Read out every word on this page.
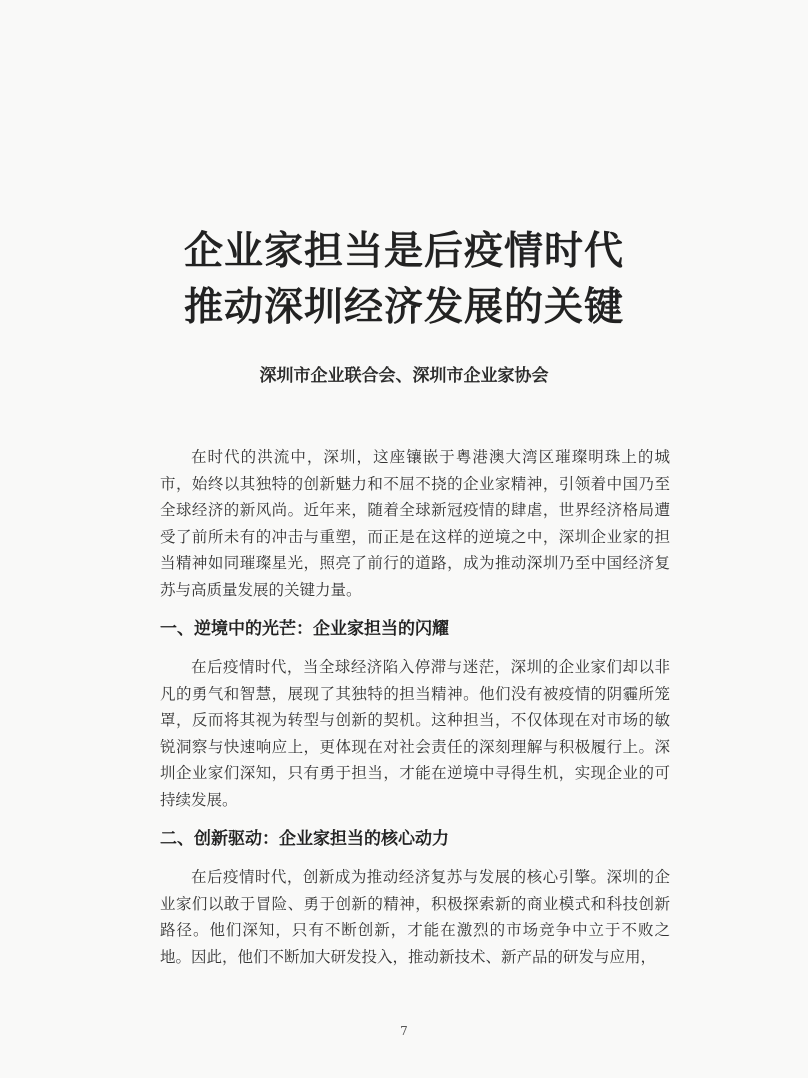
企业家担当是后疫情时代
推动深圳经济发展的关键
深圳市企业联合会、深圳市企业家协会

在时代的洪流中，深圳，这座镶嵌于粤港澳大湾区璀璨明珠上的城市，始终以其独特的创新魅力和不屈不挠的企业家精神，引领着中国乃至全球经济的新风尚。近年来，随着全球新冠疫情的肆虐，世界经济格局遭受了前所未有的冲击与重塑，而正是在这样的逆境之中，深圳企业家的担当精神如同璀璨星光，照亮了前行的道路，成为推动深圳乃至中国经济复苏与高质量发展的关键力量。

一、逆境中的光芒：企业家担当的闪耀

在后疫情时代，当全球经济陷入停滞与迷茫，深圳的企业家们却以非凡的勇气和智慧，展现了其独特的担当精神。他们没有被疫情的阴霾所笼罩，反而将其视为转型与创新的契机。这种担当，不仅体现在对市场的敏锐洞察与快速响应上，更体现在对社会责任的深刻理解与积极履行上。深圳企业家们深知，只有勇于担当，才能在逆境中寻得生机，实现企业的可持续发展。

二、创新驱动：企业家担当的核心动力

在后疫情时代，创新成为推动经济复苏与发展的核心引擎。深圳的企业家们以敢于冒险、勇于创新的精神，积极探索新的商业模式和科技创新路径。他们深知，只有不断创新，才能在激烈的市场竞争中立于不败之地。因此，他们不断加大研发投入，推动新技术、新产品的研发与应用，

7
